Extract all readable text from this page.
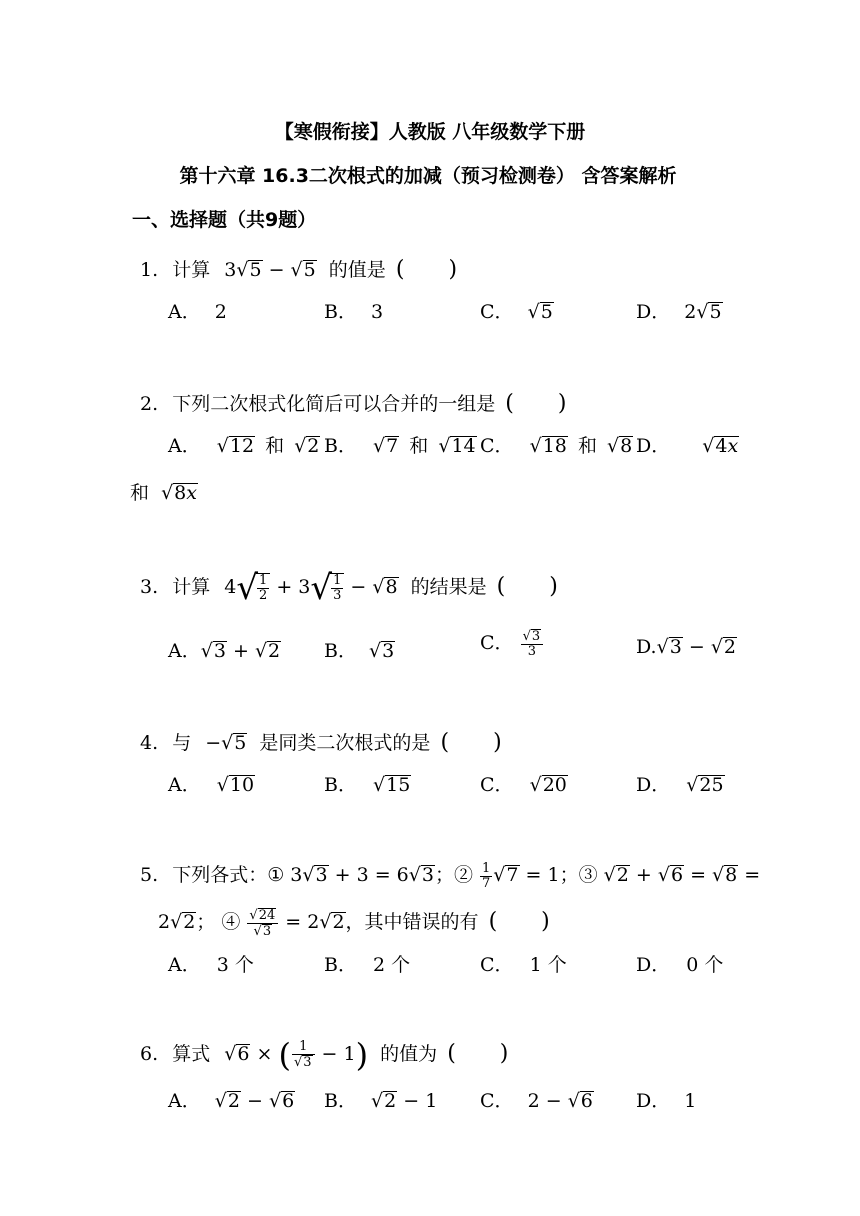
【寒假衔接】人教版 八年级数学下册
第十六章 16.3二次根式的加减（预习检测卷） 含答案解析
一、选择题（共9题）
1. 计算 3√5 − √5 的值是 (　　)
A． 2	B． 3	C． √5	D． 2√5
2. 下列二次根式化简后可以合并的一组是 (　　)
A． √12 和 √2 B． √7 和 √14 C． √18 和 √8 D． √4x
和 √8x
3. 计算 $4√ \frac{1}{2} + 3√ \frac{1}{3} - √8$ 的结果是 (　　)
A．√3 + √2 B． √3	C． $\frac{√3}{3}$	D.√3 − √2
4. 与 −√5 是同类二次根式的是 (　　)
A． √10	B． √15	C． √20	D． √25
5. 下列各式：① 3√3 + 3 = 6√3；② $\frac{1}{7} √7 = 1$；③ √2 + √6 = √8 =
2√2； ④ $\frac{√24}{√3} = 2√2$，其中错误的有 (　　)
A． 3 个	B． 2 个	C． 1 个	D． 0 个
6. 算式 √6 × ( $\frac{1}{√3} - 1$) 的值为 (　　)
A． √2 − √6 B． √2 − 1 C． 2 − √6 D． 1
